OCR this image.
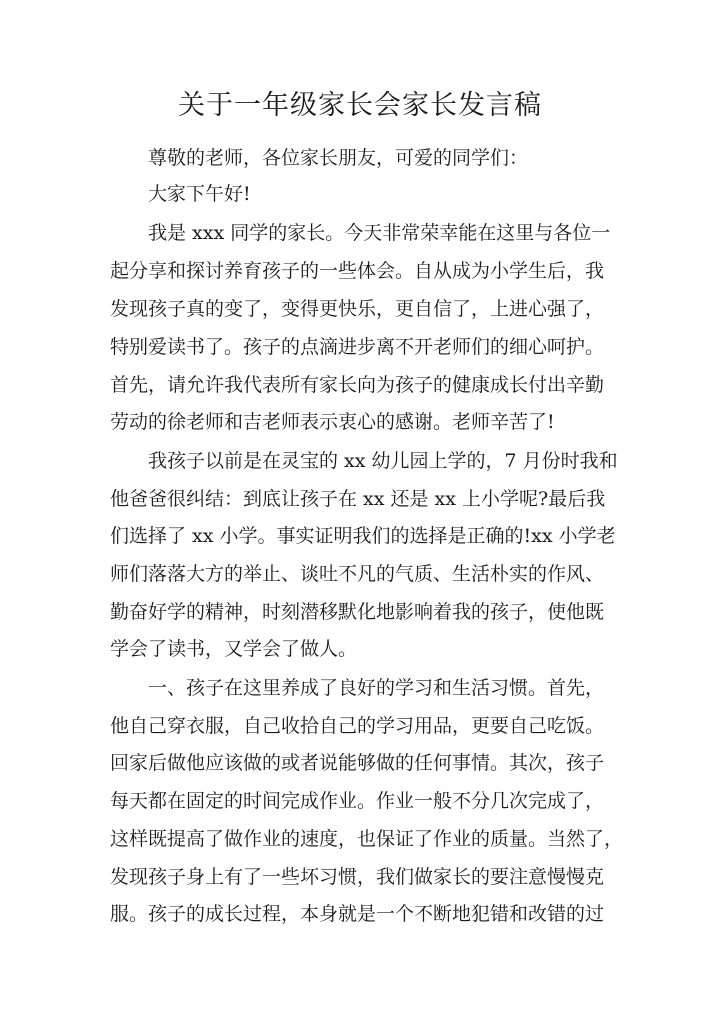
关于一年级家长会家长发言稿

尊敬的老师，各位家长朋友，可爱的同学们：

大家下午好!

我是 xxx 同学的家长。今天非常荣幸能在这里与各位一

起分享和探讨养育孩子的一些体会。自从成为小学生后，我

发现孩子真的变了，变得更快乐，更自信了，上进心强了，

特别爱读书了。孩子的点滴进步离不开老师们的细心呵护。

首先，请允许我代表所有家长向为孩子的健康成长付出辛勤

劳动的徐老师和吉老师表示衷心的感谢。老师辛苦了!

我孩子以前是在灵宝的 xx 幼儿园上学的，7 月份时我和

他爸爸很纠结：到底让孩子在 xx 还是 xx 上小学呢?最后我

们选择了 xx 小学。事实证明我们的选择是正确的!xx 小学老

师们落落大方的举止、谈吐不凡的气质、生活朴实的作风、

勤奋好学的精神，时刻潜移默化地影响着我的孩子，使他既

学会了读书，又学会了做人。

一、孩子在这里养成了良好的学习和生活习惯。首先，

他自己穿衣服，自己收拾自己的学习用品，更要自己吃饭。

回家后做他应该做的或者说能够做的任何事情。其次，孩子

每天都在固定的时间完成作业。作业一般不分几次完成了，

这样既提高了做作业的速度，也保证了作业的质量。当然了，

发现孩子身上有了一些坏习惯，我们做家长的要注意慢慢克

服。孩子的成长过程，本身就是一个不断地犯错和改错的过
